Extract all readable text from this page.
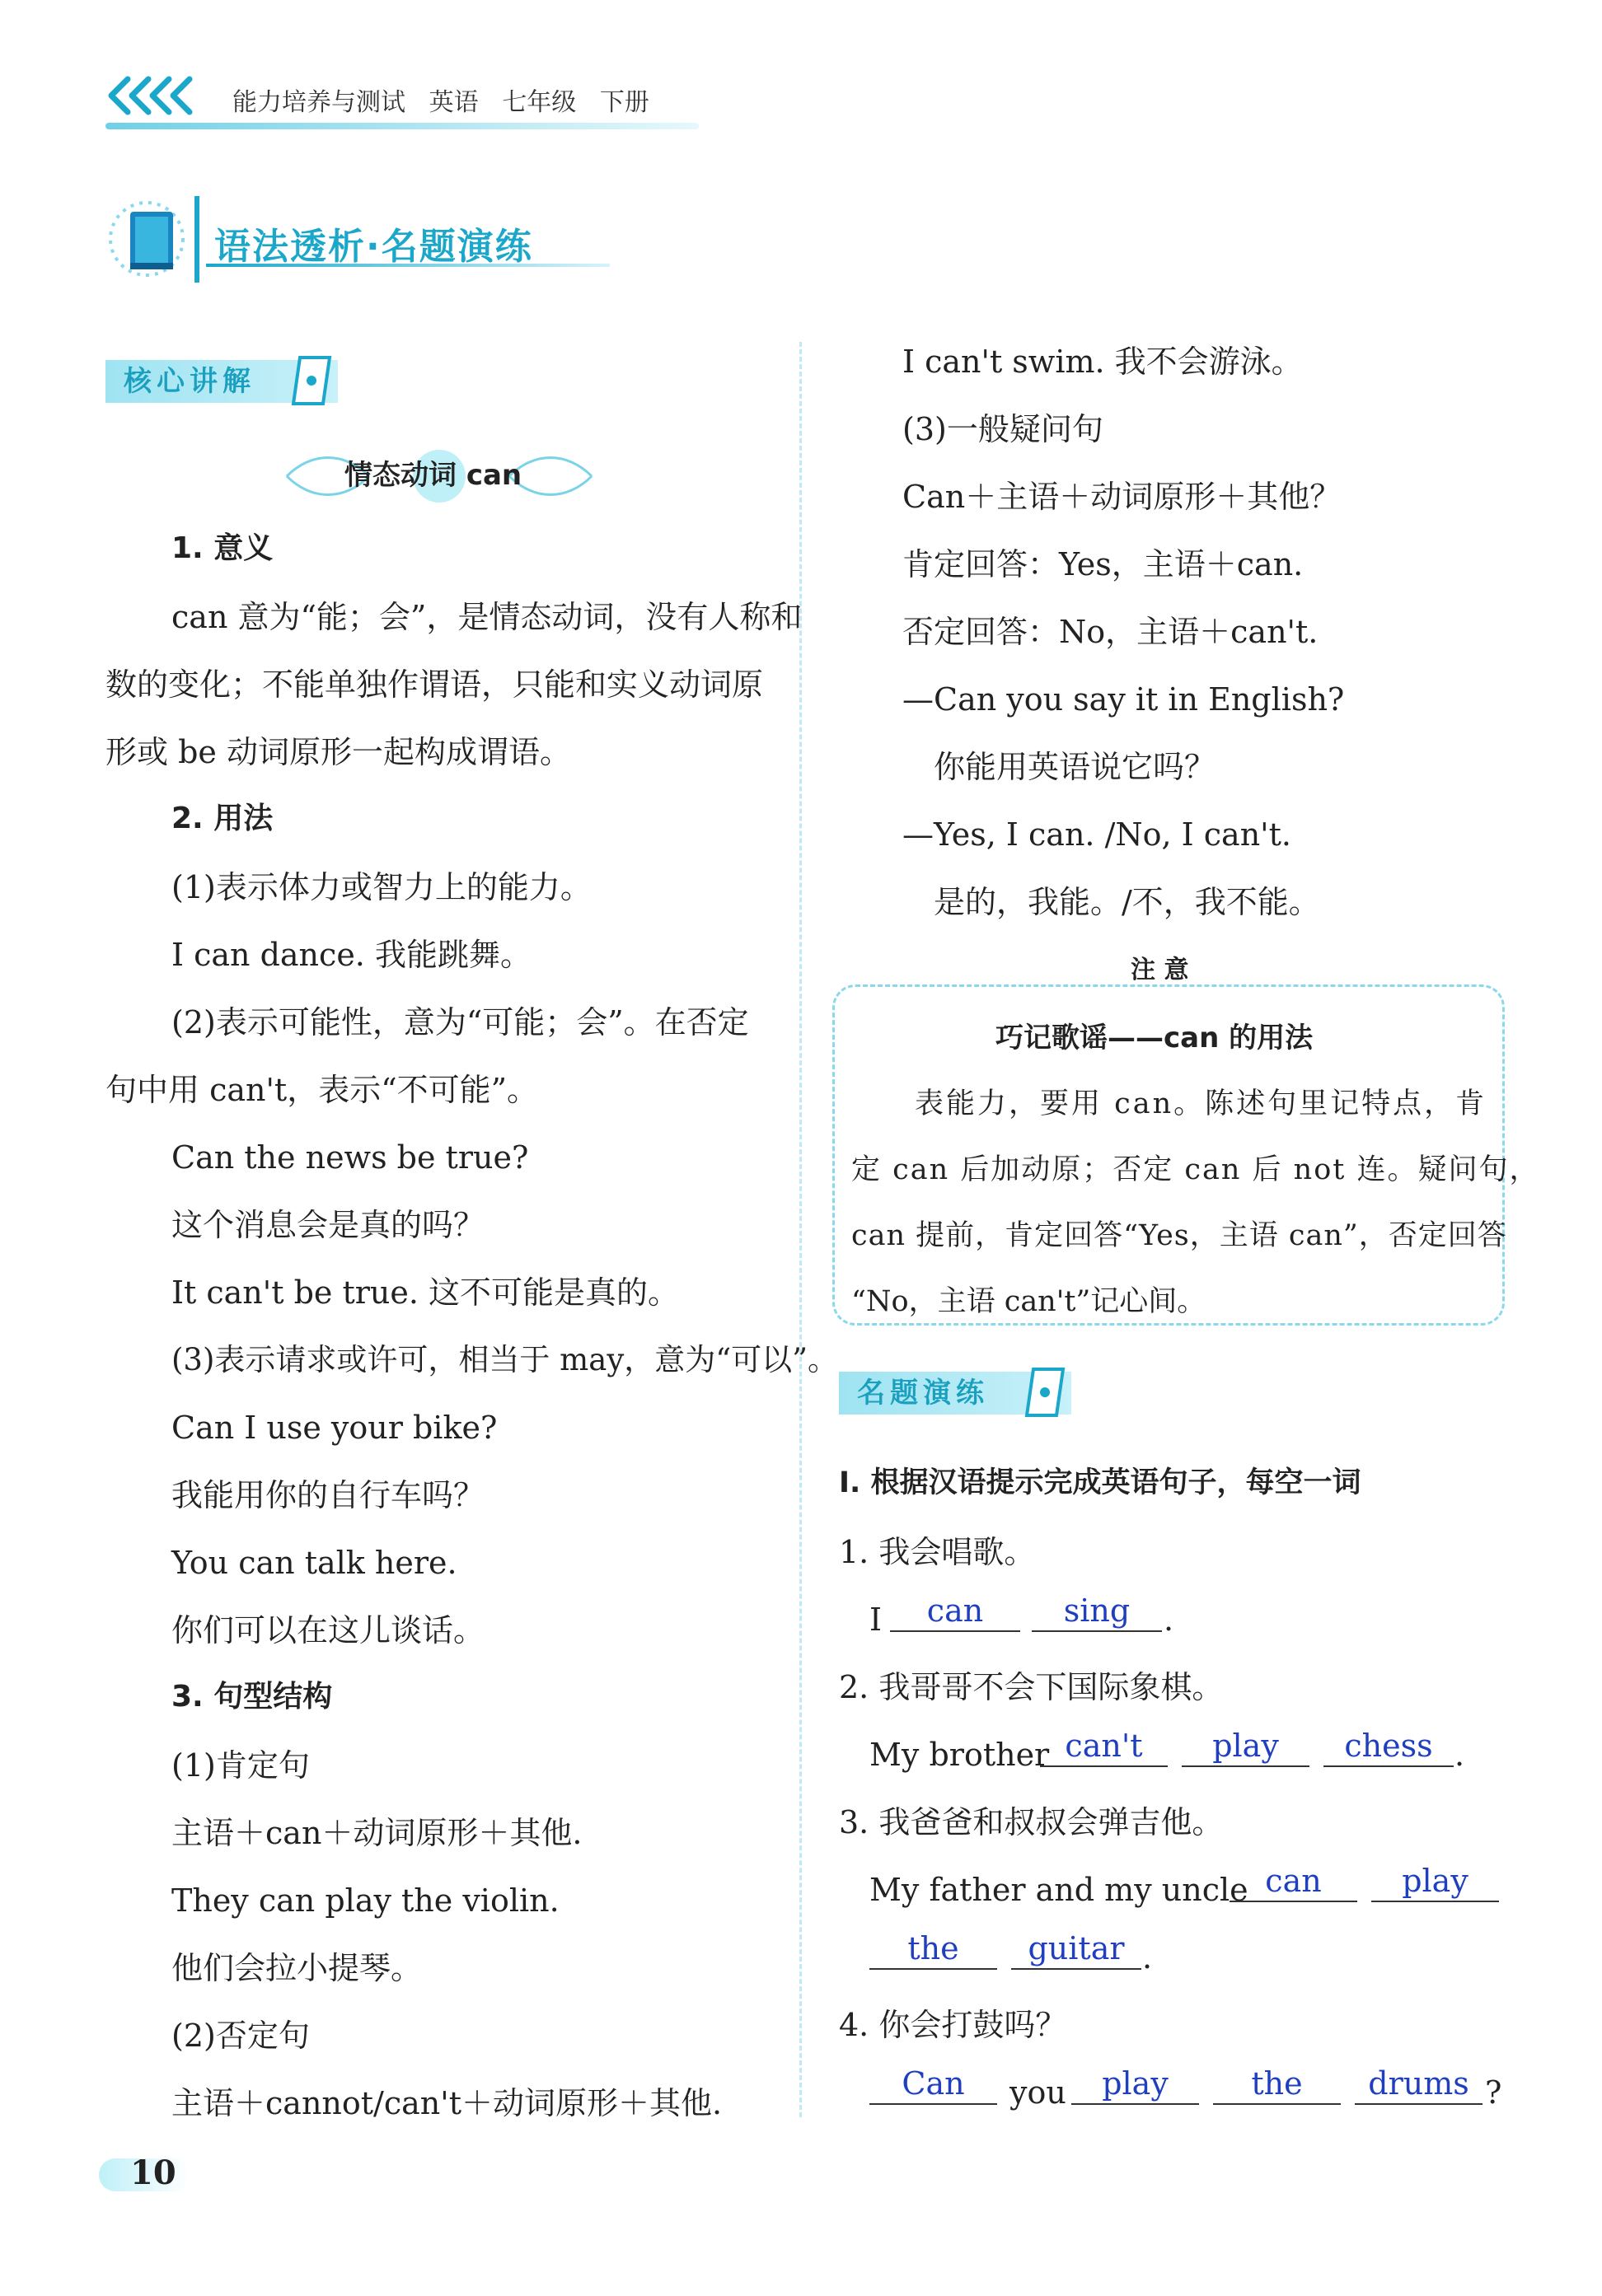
能力培养与测试 英语 七年级 下册
语法透析·名题演练
核心讲解
情态动词 can
1. 意义
can 意为“能；会”，是情态动词，没有人称和
数的变化；不能单独作谓语，只能和实义动词原
形或 be 动词原形一起构成谓语。
2. 用法
(1)表示体力或智力上的能力。
I can dance. 我能跳舞。
(2)表示可能性，意为“可能；会”。在否定
句中用 can't，表示“不可能”。
Can the news be true?
这个消息会是真的吗？
It can't be true. 这不可能是真的。
(3)表示请求或许可，相当于 may，意为“可以”。
Can I use your bike?
我能用你的自行车吗？
You can talk here.
你们可以在这儿谈话。
3. 句型结构
(1)肯定句
主语＋can＋动词原形＋其他.
They can play the violin.
他们会拉小提琴。
(2)否定句
主语＋cannot/can't＋动词原形＋其他.
I can't swim. 我不会游泳。
(3)一般疑问句
Can＋主语＋动词原形＋其他？
肯定回答：Yes，主语＋can.
否定回答：No，主语＋can't.
—Can you say it in English?
你能用英语说它吗？
—Yes, I can. /No, I can't.
是的，我能。/不，我不能。
注 意
巧记歌谣——can 的用法
表能力，要用 can。陈述句里记特点，肯
定 can 后加动原；否定 can 后 not 连。疑问句，
can 提前，肯定回答“Yes，主语 can”，否定回答
“No，主语 can't”记心间。
名题演练
Ⅰ. 根据汉语提示完成英语句子，每空一词
1. 我会唱歌。
I	can	sing	.
2. 我哥哥不会下国际象棋。
My brother can't	play	chess .
3. 我爸爸和叔叔会弹吉他。
My father and my uncle can	play
the	guitar .
4. 你会打鼓吗？
Can	you	play	the	drums ?
10
